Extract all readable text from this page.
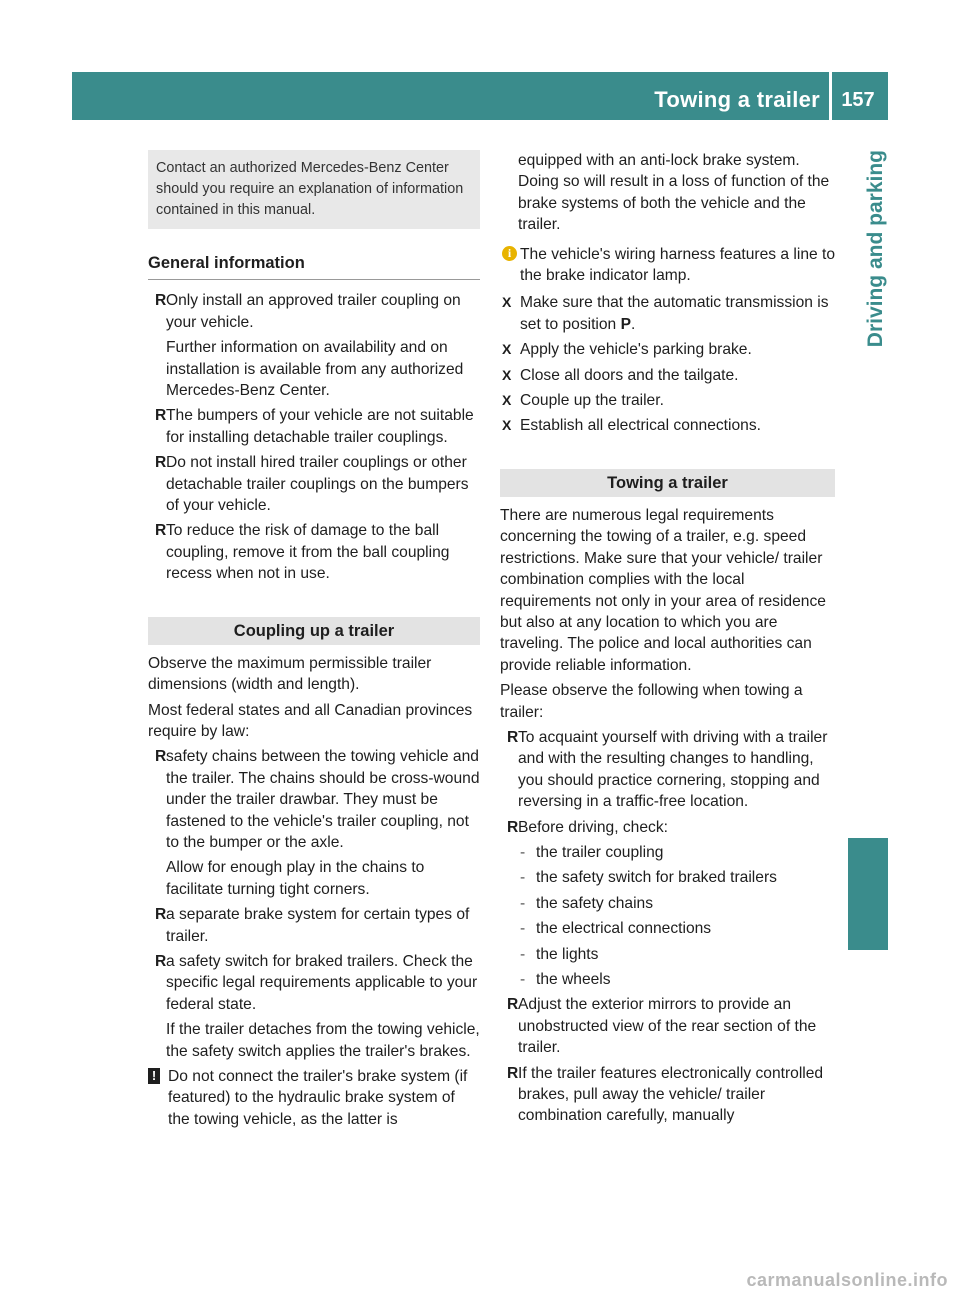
Towing a trailer	157
Driving and parking
Contact an authorized Mercedes-Benz Center should you require an explanation of information contained in this manual.
General information
R Only install an approved trailer coupling on your vehicle.
Further information on availability and on installation is available from any authorized Mercedes-Benz Center.
R The bumpers of your vehicle are not suitable for installing detachable trailer couplings.
R Do not install hired trailer couplings or other detachable trailer couplings on the bumpers of your vehicle.
R To reduce the risk of damage to the ball coupling, remove it from the ball coupling recess when not in use.
Coupling up a trailer

Observe the maximum permissible trailer dimensions (width and length).

Most federal states and all Canadian provinces require by law:

R safety chains between the towing vehicle and the trailer. The chains should be cross-wound under the trailer drawbar. They must be fastened to the vehicle's trailer coupling, not to the bumper or the axle.
Allow for enough play in the chains to facilitate turning tight corners.
R a separate brake system for certain types of trailer.
R a safety switch for braked trailers. Check the specific legal requirements applicable to your federal state.
If the trailer detaches from the towing vehicle, the safety switch applies the trailer's brakes.
! Do not connect the trailer's brake system (if featured) to the hydraulic brake system of the towing vehicle, as the latter is
equipped with an anti-lock brake system. Doing so will result in a loss of function of the brake systems of both the vehicle and the trailer.
i The vehicle's wiring harness features a line to the brake indicator lamp.
X Make sure that the automatic transmission is set to position P.
X Apply the vehicle's parking brake.
X Close all doors and the tailgate.
X Couple up the trailer.
X Establish all electrical connections.
Towing a trailer

There are numerous legal requirements concerning the towing of a trailer, e.g. speed restrictions. Make sure that your vehicle/ trailer combination complies with the local requirements not only in your area of residence but also at any location to which you are traveling. The police and local authorities can provide reliable information.

Please observe the following when towing a trailer:

R To acquaint yourself with driving with a trailer and with the resulting changes to handling, you should practice cornering, stopping and reversing in a traffic-free location.
R Before driving, check:
- the trailer coupling
- the safety switch for braked trailers
- the safety chains
- the electrical connections
- the lights
- the wheels
R Adjust the exterior mirrors to provide an unobstructed view of the rear section of the trailer.
R If the trailer features electronically controlled brakes, pull away the vehicle/ trailer combination carefully, manually
carmanualsonline.info
